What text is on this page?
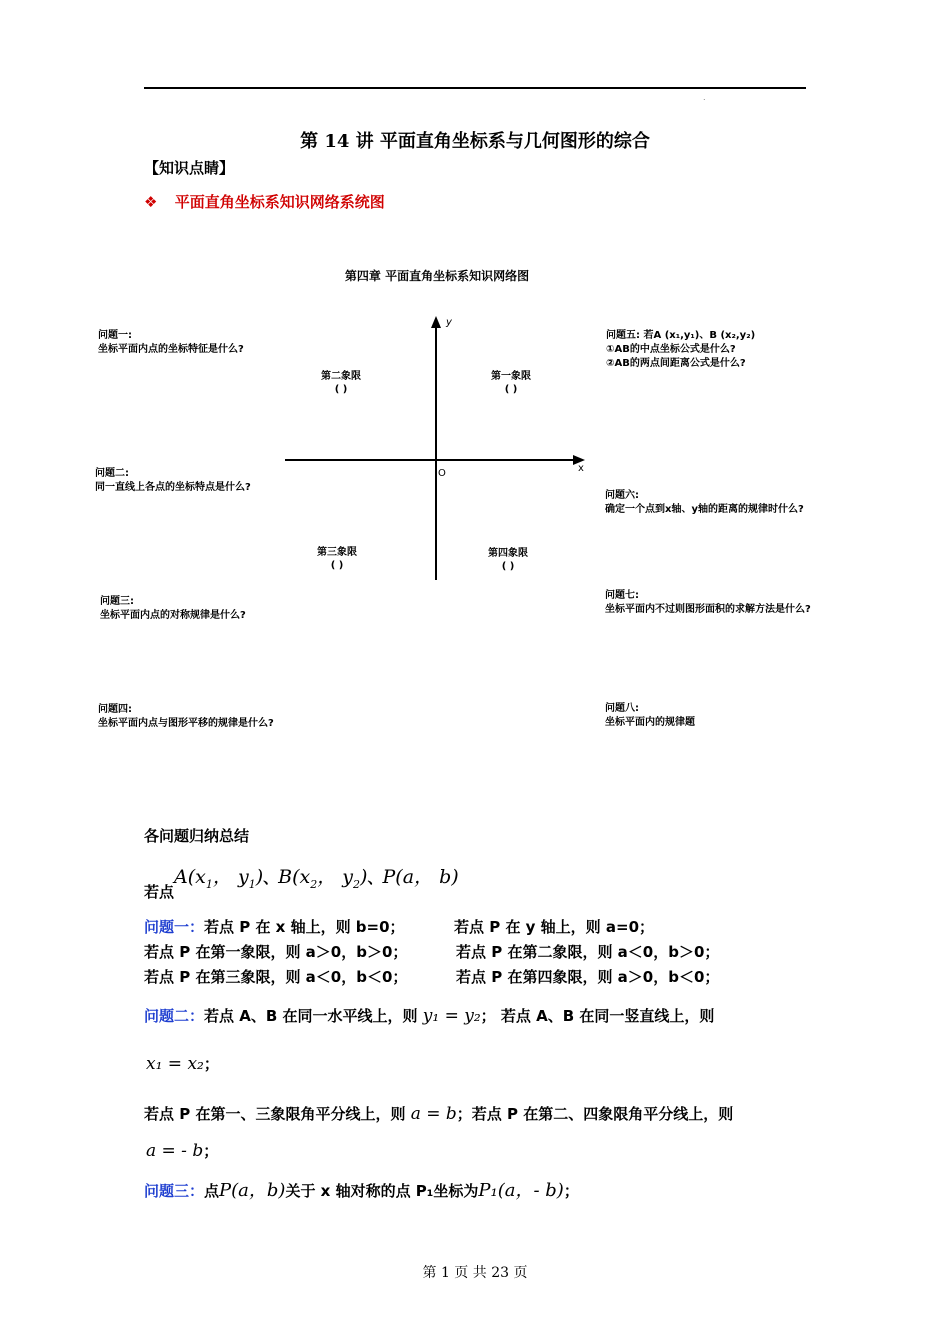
.
第 14 讲 平面直角坐标系与几何图形的综合
【知识点睛】
❖ 平面直角坐标系知识网络系统图
第四章 平面直角坐标系知识网络图
y
x
O
第二象限
( )
第一象限
( )
第三象限
( )
第四象限
( )
问题一:
坐标平面内点的坐标特征是什么?
问题二:
同一直线上各点的坐标特点是什么?
问题三:
坐标平面内点的对称规律是什么?
问题四:
坐标平面内点与图形平移的规律是什么?
问题五: 若A (x₁,y₁)、B (x₂,y₂)
①AB的中点坐标公式是什么?
②AB的两点间距离公式是什么?
问题六:
确定一个点到x轴、y轴的距离的规律时什么?
问题七:
坐标平面内不过则图形面积的求解方法是什么?
问题八:
坐标平面内的规律题
各问题归纳总结
若点$A(x_1$， $y_1$)、$B(x_2$， $y_2$)、P(a， b)
问题一：若点 P 在 x 轴上，则 b=0；	若点 P 在 y 轴上，则 a=0；
若点 P 在第一象限，则 a＞0，b＞0；	若点 P 在第二象限，则 a＜0，b＞0；
若点 P 在第三象限，则 a＜0，b＜0；	若点 P 在第四象限，则 a＞0，b＜0；
问题二：若点 A、B 在同一水平线上，则 y₁ = y₂； 若点 A、B 在同一竖直线上，则
x₁ = x₂；
若点 P 在第一、三象限角平分线上，则 a = b；若点 P 在第二、四象限角平分线上，则
a = - b；
问题三：点P(a，b)关于 x 轴对称的点 P₁坐标为P₁(a，- b)；
第 1 页 共 23 页
